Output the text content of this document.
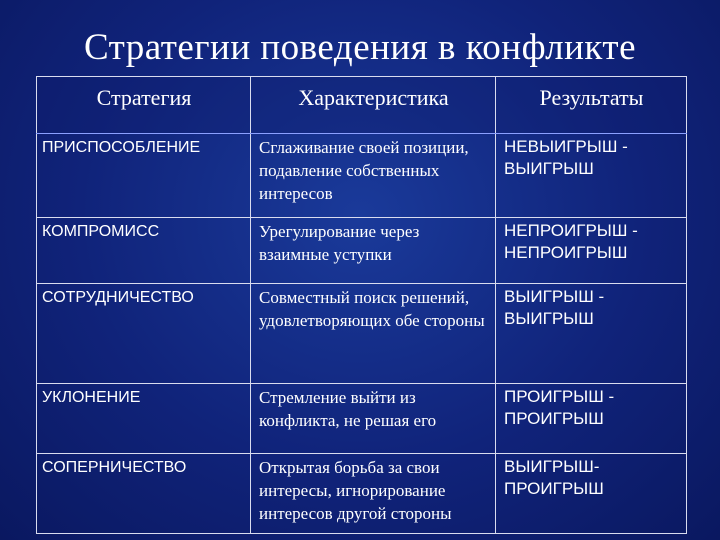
Стратегии поведения в конфликте
Стратегия	Характеристика	Результаты
ПРИСПОСОБЛЕНИЕ	Сглаживание своей позиции, подавление собственных интересов	НЕВЫИГРЫШ - ВЫИГРЫШ
КОМПРОМИСС	Урегулирование через взаимные уступки	НЕПРОИГРЫШ - НЕПРОИГРЫШ
СОТРУДНИЧЕСТВО	Совместный поиск решений, удовлетворяющих обе стороны	ВЫИГРЫШ - ВЫИГРЫШ
УКЛОНЕНИЕ	Стремление выйти из конфликта, не решая его	ПРОИГРЫШ - ПРОИГРЫШ
СОПЕРНИЧЕСТВО	Открытая борьба за свои интересы, игнорирование интересов другой стороны	ВЫИГРЫШ-ПРОИГРЫШ
